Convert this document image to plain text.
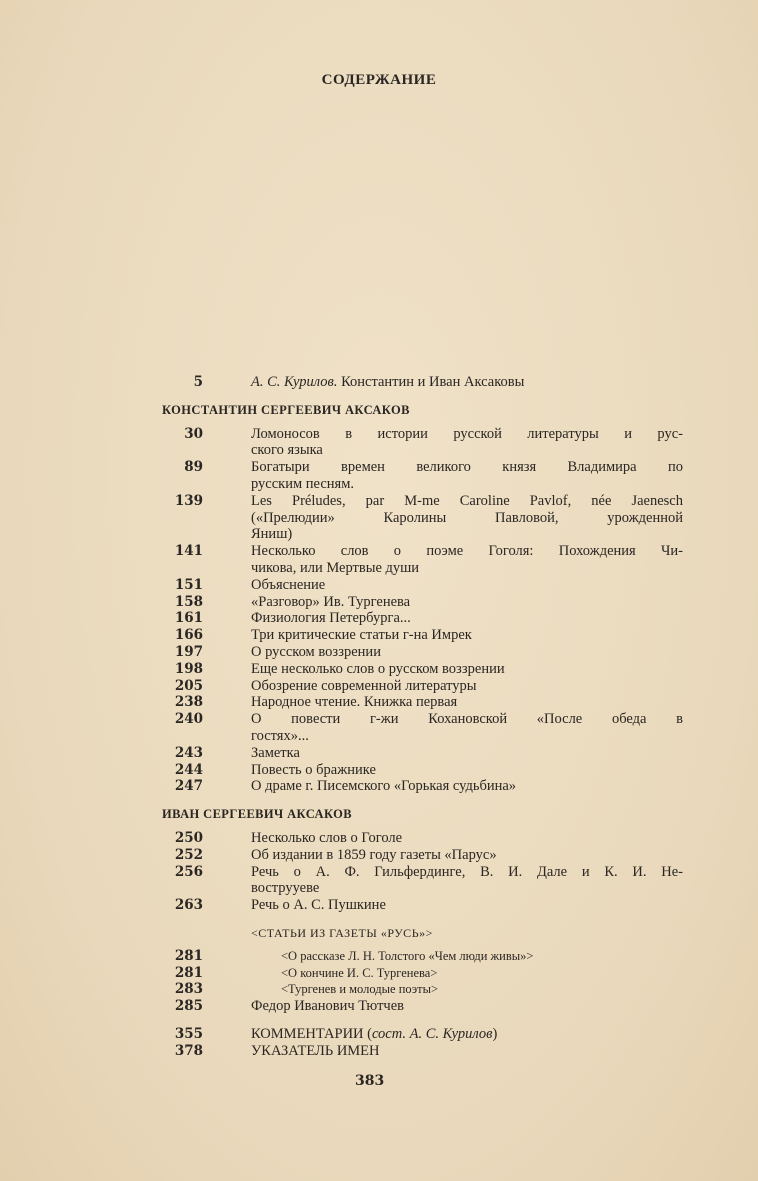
СОДЕРЖАНИЕ
5	А. С. Курилов. Константин и Иван Аксаковы
КОНСТАНТИН СЕРГЕЕВИЧ АКСАКОВ
30	Ломоносов в истории русской литературы и рус-
ского языка
89	Богатыри времен великого князя Владимира по
русским песням.
139	Les Préludes, par M-me Caroline Pavlof, née Jaenesch
(«Прелюдии» Каролины Павловой, урожденной
Яниш)
141	Несколько слов о поэме Гоголя: Похождения Чи-
чикова, или Мертвые души
151	Объяснение
158	«Разговор» Ив. Тургенева
161	Физиология Петербурга...
166	Три критические статьи г-на Имрек
197	О русском воззрении
198	Еще несколько слов о русском воззрении
205	Обозрение современной литературы
238	Народное чтение. Книжка первая
240	О повести г-жи Кохановской «После обеда в
гостях»...
243	Заметка
244	Повесть о бражнике
247	О драме г. Писемского «Горькая судьбина»
ИВАН СЕРГЕЕВИЧ АКСАКОВ
250	Несколько слов о Гоголе
252	Об издании в 1859 году газеты «Парус»
256	Речь о А. Ф. Гильфердинге, В. И. Дале и К. И. Не-
вострууеве
263	Речь о А. С. Пушкине
<СТАТЬИ ИЗ ГАЗЕТЫ «РУСЬ»>
281	<О рассказе Л. Н. Толстого «Чем люди живы»>
281	<О кончине И. С. Тургенева>
283	<Тургенев и молодые поэты>
285	Федор Иванович Тютчев
355	КОММЕНТАРИИ (сост. А. С. Курилов)
378	УКАЗАТЕЛЬ ИМЕН
383
